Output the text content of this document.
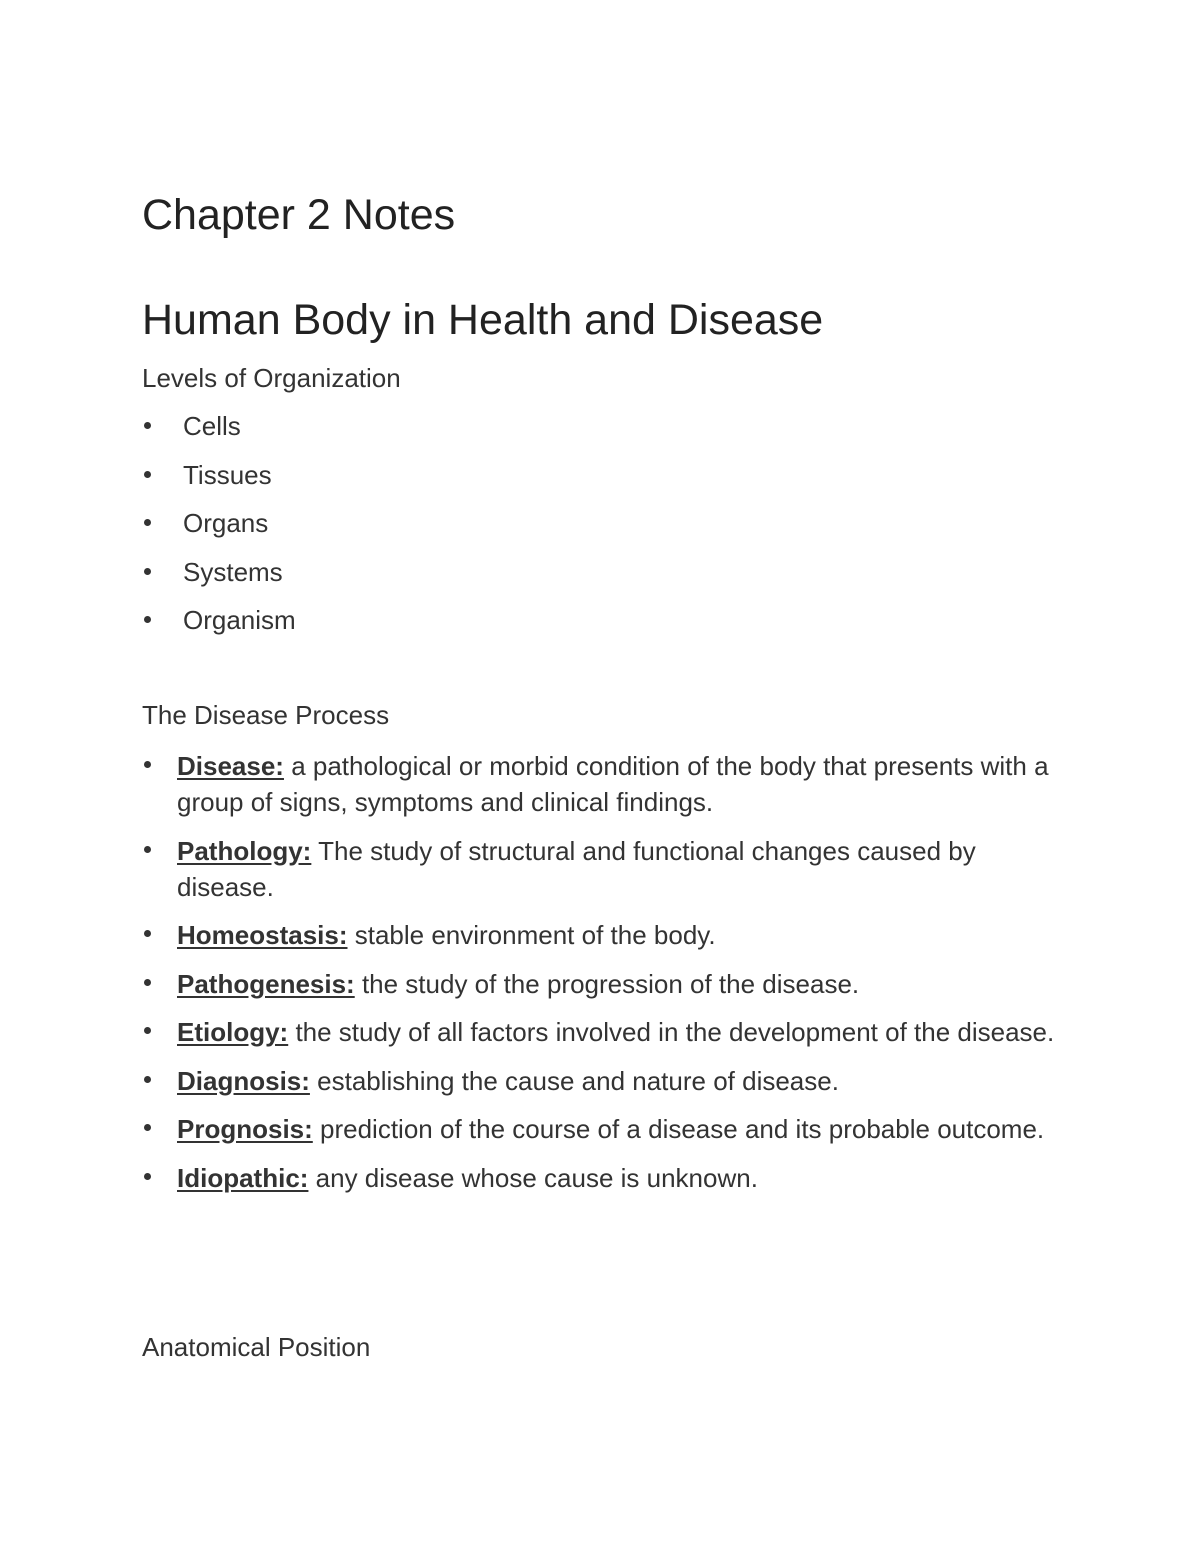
Chapter 2 Notes
Human Body in Health and Disease
Levels of Organization
Cells
Tissues
Organs
Systems
Organism
The Disease Process
Disease: a pathological or morbid condition of the body that presents with a group of signs, symptoms and clinical findings.
Pathology: The study of structural and functional changes caused by disease.
Homeostasis: stable environment of the body.
Pathogenesis: the study of the progression of the disease.
Etiology: the study of all factors involved in the development of the disease.
Diagnosis: establishing the cause and nature of disease.
Prognosis: prediction of the course of a disease and its probable outcome.
Idiopathic: any disease whose cause is unknown.
Anatomical Position
